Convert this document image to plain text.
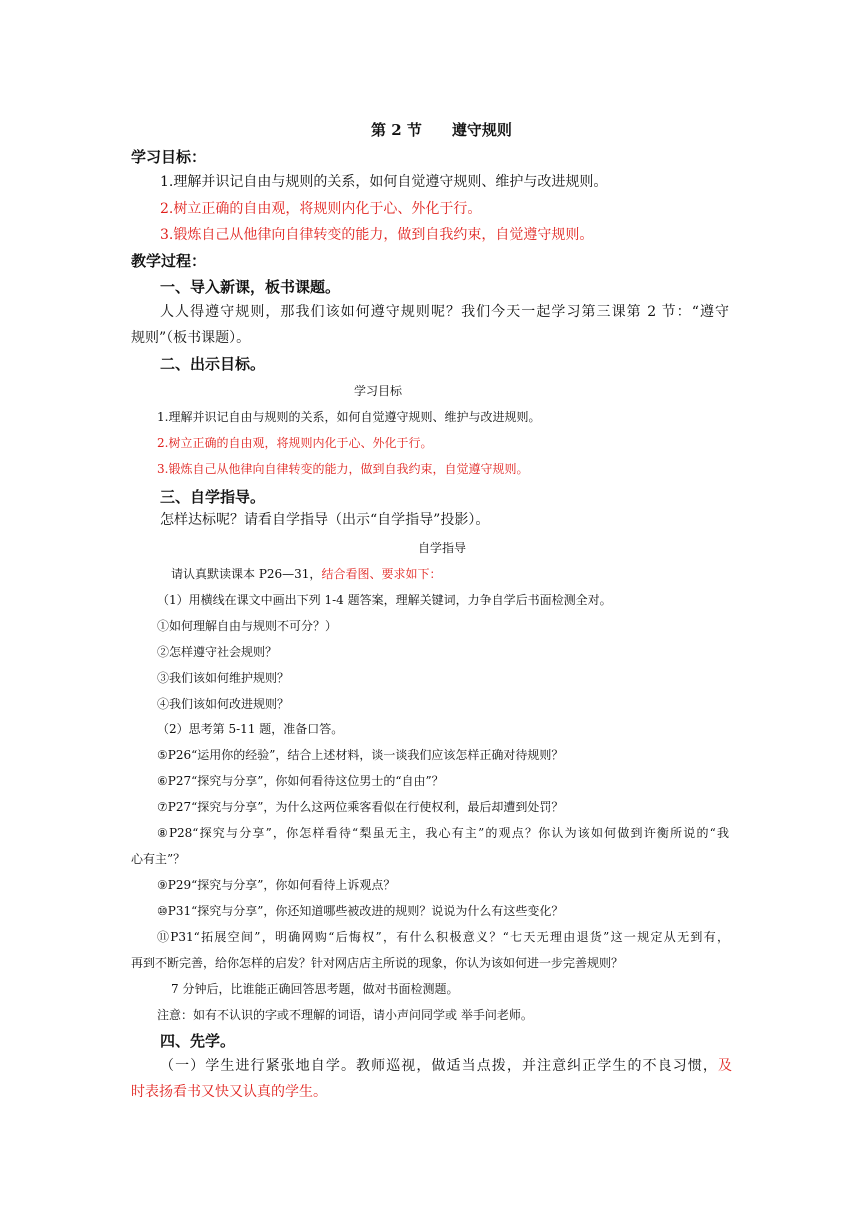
第 2 节　　遵守规则
学习目标：
1.理解并识记自由与规则的关系，如何自觉遵守规则、维护与改进规则。
2.树立正确的自由观，将规则内化于心、外化于行。
3.锻炼自己从他律向自律转变的能力，做到自我约束，自觉遵守规则。
教学过程：
一、导入新课，板书课题。
人人得遵守规则，那我们该如何遵守规则呢？我们今天一起学习第三课第 2 节：“遵守
规则”（板书课题）。
二、出示目标。
学习目标
1.理解并识记自由与规则的关系，如何自觉遵守规则、维护与改进规则。
2.树立正确的自由观，将规则内化于心、外化于行。
3.锻炼自己从他律向自律转变的能力，做到自我约束，自觉遵守规则。
三、自学指导。
怎样达标呢？请看自学指导（出示“自学指导”投影）。
自学指导
请认真默读课本 P26—31，结合看图、要求如下：
（1）用横线在课文中画出下列 1-4 题答案，理解关键词，力争自学后书面检测全对。
①如何理解自由与规则不可分？）
②怎样遵守社会规则？
③我们该如何维护规则？
④我们该如何改进规则？
（2）思考第 5-11 题，准备口答。
⑤P26“运用你的经验”，结合上述材料，谈一谈我们应该怎样正确对待规则？
⑥P27“探究与分享”，你如何看待这位男士的“自由”？
⑦P27“探究与分享”，为什么这两位乘客看似在行使权利，最后却遭到处罚？
⑧P28“探究与分享”，你怎样看待“梨虽无主，我心有主”的观点？你认为该如何做到许衡所说的“我
心有主”？
⑨P29“探究与分享”，你如何看待上诉观点？
⑩P31“探究与分享”，你还知道哪些被改进的规则？说说为什么有这些变化？
⑪P31“拓展空间”，明确网购“后悔权”，有什么积极意义？“七天无理由退货”这一规定从无到有，
再到不断完善，给你怎样的启发？针对网店店主所说的现象，你认为该如何进一步完善规则？
7 分钟后，比谁能正确回答思考题，做对书面检测题。
注意：如有不认识的字或不理解的词语，请小声问同学或 举手问老师。
四、先学。
（一）学生进行紧张地自学。教师巡视，做适当点拨，并注意纠正学生的不良习惯，及
时表扬看书又快又认真的学生。
